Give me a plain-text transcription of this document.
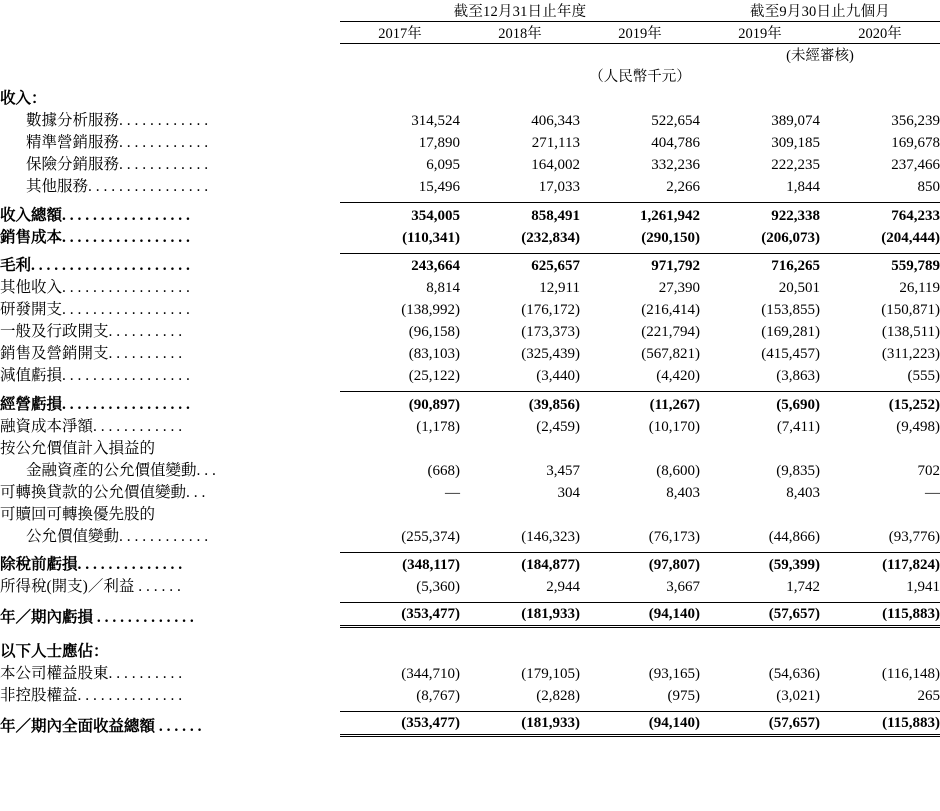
	截至12月31日止年度			截至9月30日止九個月	
	2017年	2018年	2019年	2019年	2020年
				(未經審核)	
	（人民幣千元）				
收入：					
數據分析服務. . . . . . . . . . . .	314,524	406,343	522,654	389,074	356,239
精準營銷服務. . . . . . . . . . . .	17,890	271,113	404,786	309,185	169,678
保險分銷服務. . . . . . . . . . . .	6,095	164,002	332,236	222,235	237,466
其他服務. . . . . . . . . . . . . . . .	15,496	17,033	2,266	1,844	850

收入總額. . . . . . . . . . . . . . . . .	354,005	858,491	1,261,942	922,338	764,233
銷售成本. . . . . . . . . . . . . . . . .	(110,341)	(232,834)	(290,150)	(206,073)	(204,444)

毛利. . . . . . . . . . . . . . . . . . . . .	243,664	625,657	971,792	716,265	559,789
其他收入. . . . . . . . . . . . . . . . .	8,814	12,911	27,390	20,501	26,119
研發開支. . . . . . . . . . . . . . . . .	(138,992)	(176,172)	(216,414)	(153,855)	(150,871)
一般及行政開支. . . . . . . . . .	(96,158)	(173,373)	(221,794)	(169,281)	(138,511)
銷售及營銷開支. . . . . . . . . .	(83,103)	(325,439)	(567,821)	(415,457)	(311,223)
減值虧損. . . . . . . . . . . . . . . . .	(25,122)	(3,440)	(4,420)	(3,863)	(555)

經營虧損. . . . . . . . . . . . . . . . .	(90,897)	(39,856)	(11,267)	(5,690)	(15,252)
融資成本淨額. . . . . . . . . . . .	(1,178)	(2,459)	(10,170)	(7,411)	(9,498)
按公允價值計入損益的					
金融資產的公允價值變動. . .	(668)	3,457	(8,600)	(9,835)	702
可轉換貸款的公允價值變動. . .	—	304	8,403	8,403	—
可贖回可轉換優先股的					
公允價值變動. . . . . . . . . . . .	(255,374)	(146,323)	(76,173)	(44,866)	(93,776)

除稅前虧損. . . . . . . . . . . . . .	(348,117)	(184,877)	(97,807)	(59,399)	(117,824)
所得稅(開支)／利益 . . . . . .	(5,360)	2,944	3,667	1,742	1,941

年／期內虧損 . . . . . . . . . . . . .	(353,477)	(181,933)	(94,140)	(57,657)	(115,883)

以下人士應佔：					
本公司權益股東. . . . . . . . . .	(344,710)	(179,105)	(93,165)	(54,636)	(116,148)
非控股權益. . . . . . . . . . . . . .	(8,767)	(2,828)	(975)	(3,021)	265

年／期內全面收益總額 . . . . . .	(353,477)	(181,933)	(94,140)	(57,657)	(115,883)
